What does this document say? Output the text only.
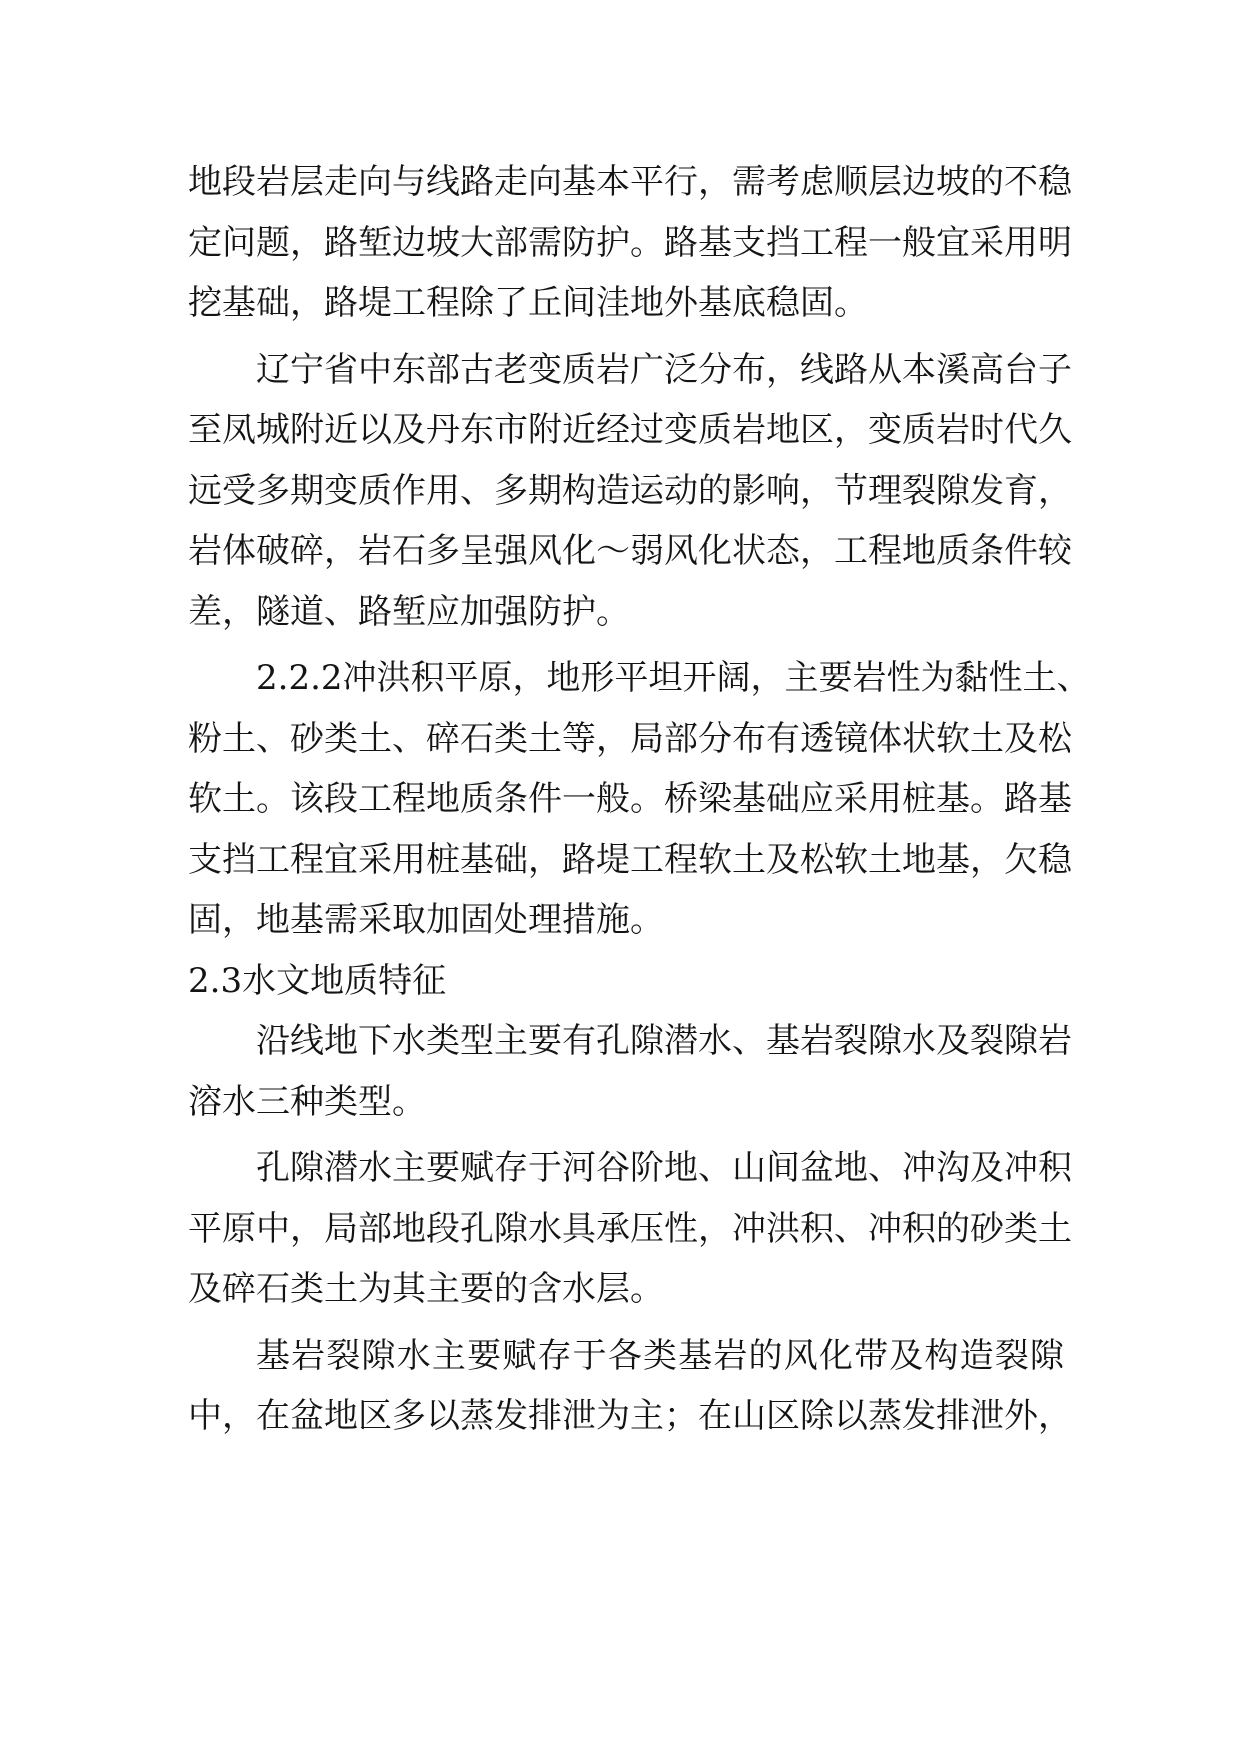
地段岩层走向与线路走向基本平行，需考虑顺层边坡的不稳
定问题，路堑边坡大部需防护。路基支挡工程一般宜采用明
挖基础，路堤工程除了丘间洼地外基底稳固。
辽宁省中东部古老变质岩广泛分布，线路从本溪高台子
至凤城附近以及丹东市附近经过变质岩地区，变质岩时代久
远受多期变质作用、多期构造运动的影响，节理裂隙发育，
岩体破碎，岩石多呈强风化～弱风化状态，工程地质条件较
差，隧道、路堑应加强防护。
2.2.2冲洪积平原，地形平坦开阔，主要岩性为黏性土、
粉土、砂类土、碎石类土等，局部分布有透镜体状软土及松
软土。该段工程地质条件一般。桥梁基础应采用桩基。路基
支挡工程宜采用桩基础，路堤工程软土及松软土地基，欠稳
固，地基需采取加固处理措施。
2.3水文地质特征
沿线地下水类型主要有孔隙潜水、基岩裂隙水及裂隙岩
溶水三种类型。
孔隙潜水主要赋存于河谷阶地、山间盆地、冲沟及冲积
平原中，局部地段孔隙水具承压性，冲洪积、冲积的砂类土
及碎石类土为其主要的含水层。
基岩裂隙水主要赋存于各类基岩的风化带及构造裂隙
中，在盆地区多以蒸发排泄为主；在山区除以蒸发排泄外，
